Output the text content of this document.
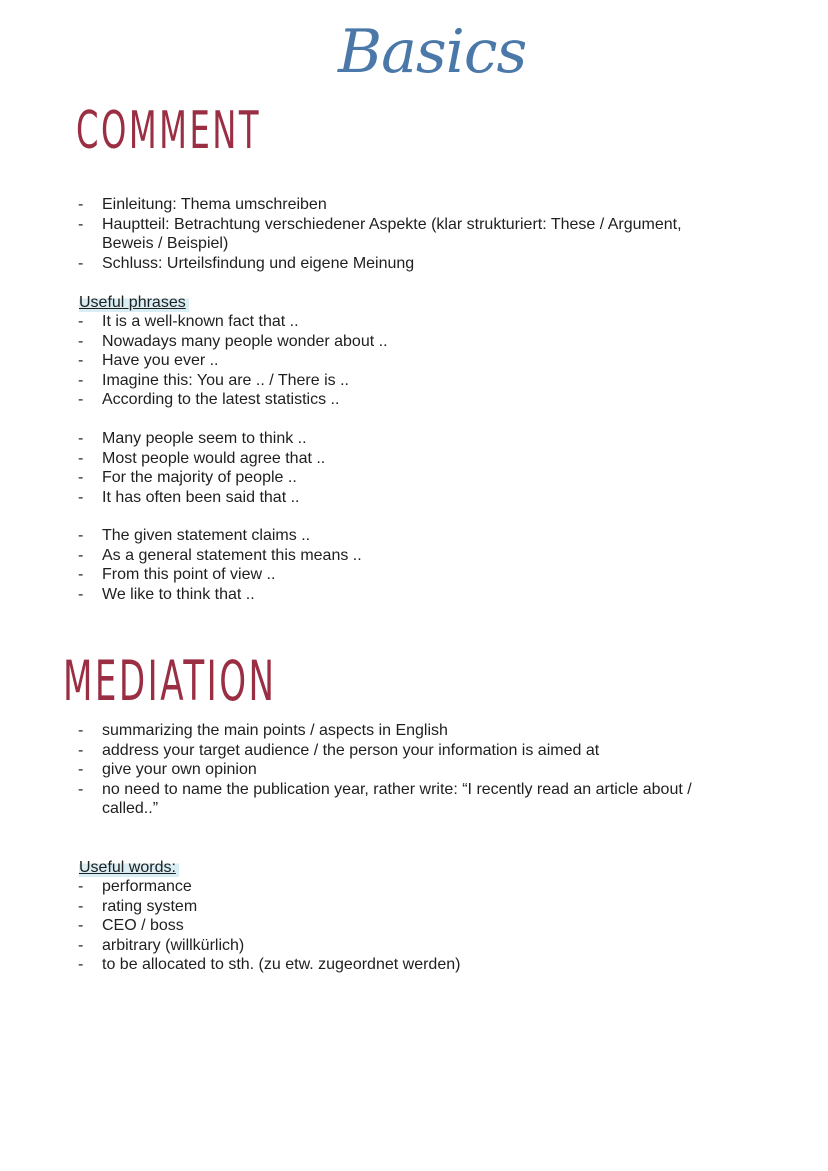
Basics
COMMENT
- Einleitung: Thema umschreiben
- Hauptteil: Betrachtung verschiedener Aspekte (klar strukturiert: These / Argument, Beweis / Beispiel)
- Schluss: Urteilsfindung und eigene Meinung
Useful phrases
- It is a well-known fact that ..
- Nowadays many people wonder about ..
- Have you ever ..
- Imagine this: You are .. / There is ..
- According to the latest statistics ..
- Many people seem to think ..
- Most people would agree that ..
- For the majority of people ..
- It has often been said that ..
- The given statement claims ..
- As a general statement this means ..
- From this point of view ..
- We like to think that ..
MEDIATION
- summarizing the main points / aspects in English
- address your target audience / the person your information is aimed at
- give your own opinion
- no need to name the publication year, rather write: “I recently read an article about / called..”
Useful words:
- performance
- rating system
- CEO / boss
- arbitrary (willkürlich)
- to be allocated to sth. (zu etw. zugeordnet werden)
